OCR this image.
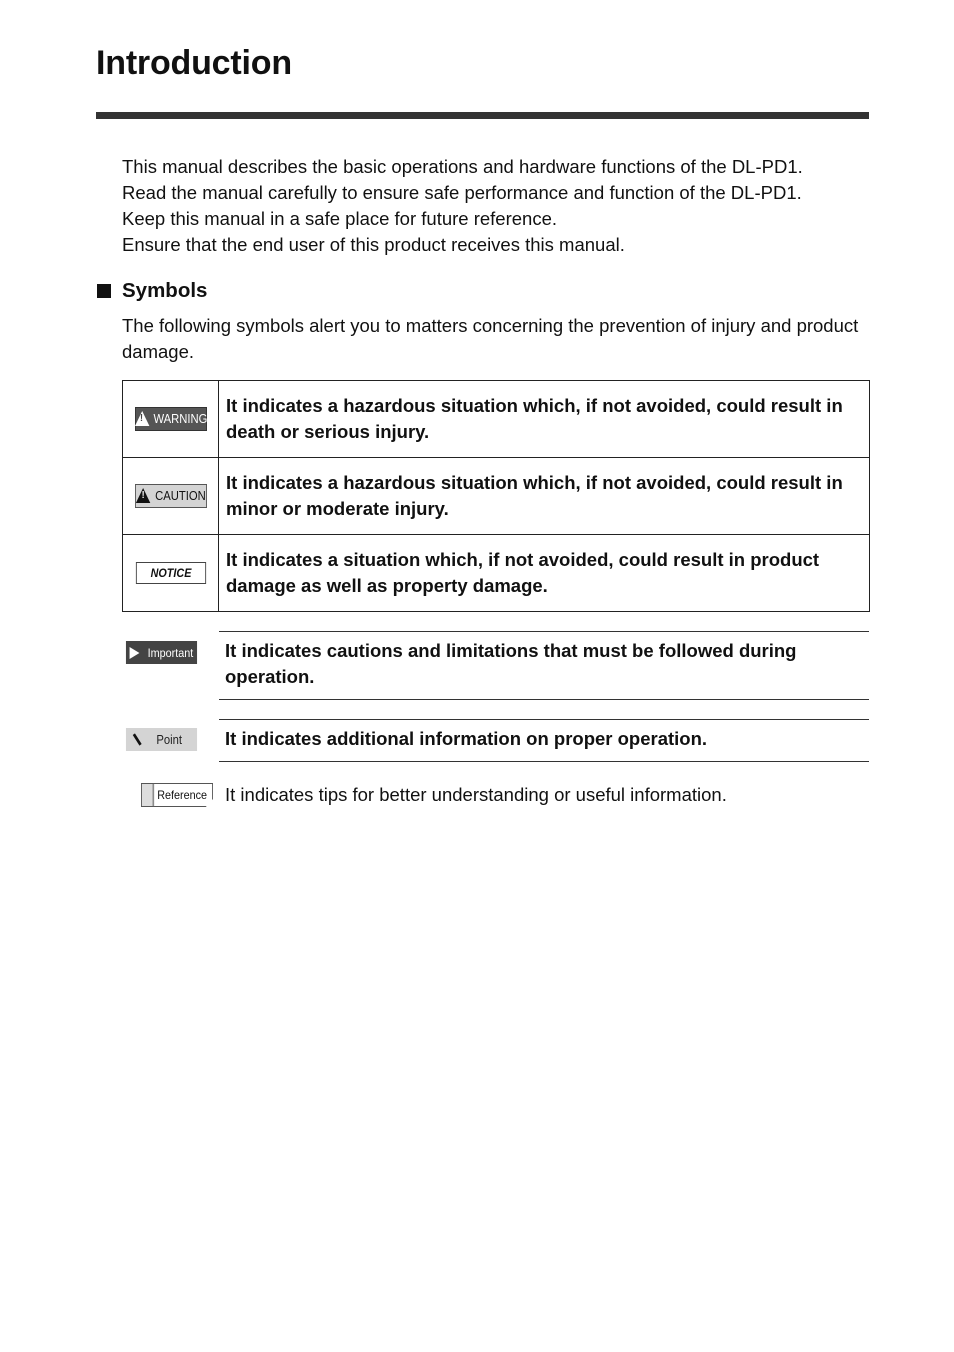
Introduction
This manual describes the basic operations and hardware functions of the DL-PD1.
Read the manual carefully to ensure safe performance and function of the DL-PD1.
Keep this manual in a safe place for future reference.
Ensure that the end user of this product receives this manual.
Symbols
The following symbols alert you to matters concerning the prevention of injury and product damage.
! WARNING	It indicates a hazardous situation which, if not avoided, could result in death or serious injury.

! CAUTION	It indicates a hazardous situation which, if not avoided, could result in minor or moderate injury.
NOTICE	It indicates a situation which, if not avoided, could result in product damage as well as property damage.
Important	It indicates cautions and limitations that must be followed during operation.
Point	It indicates additional information on proper operation.
Reference It indicates tips for better understanding or useful information.
